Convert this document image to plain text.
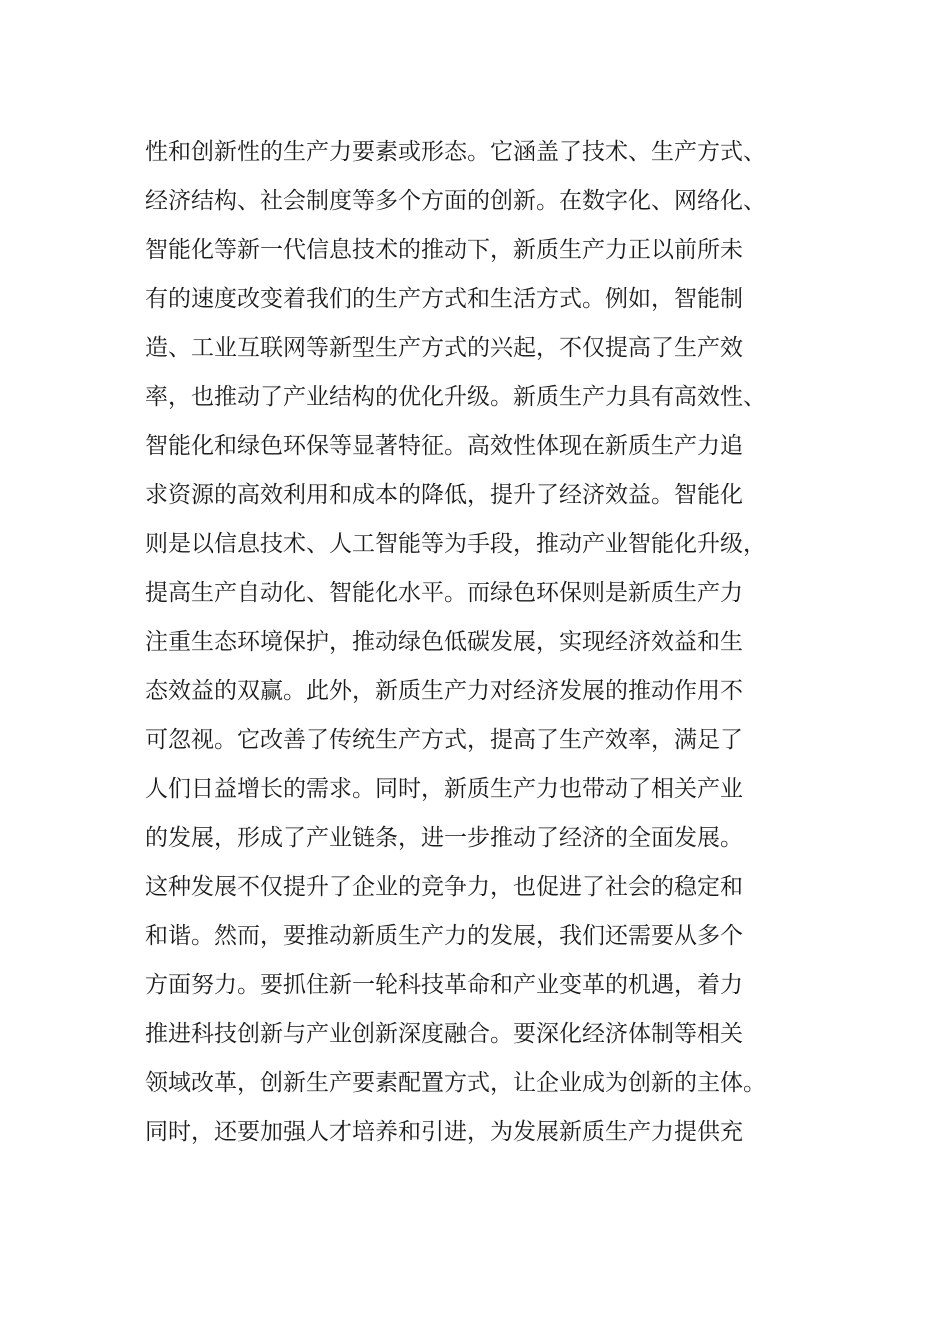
性和创新性的生产力要素或形态。它涵盖了技术、生产方式、
经济结构、社会制度等多个方面的创新。在数字化、网络化、
智能化等新一代信息技术的推动下，新质生产力正以前所未
有的速度改变着我们的生产方式和生活方式。例如，智能制
造、工业互联网等新型生产方式的兴起，不仅提高了生产效
率，也推动了产业结构的优化升级。新质生产力具有高效性、
智能化和绿色环保等显著特征。高效性体现在新质生产力追
求资源的高效利用和成本的降低，提升了经济效益。智能化
则是以信息技术、人工智能等为手段，推动产业智能化升级，
提高生产自动化、智能化水平。而绿色环保则是新质生产力
注重生态环境保护，推动绿色低碳发展，实现经济效益和生
态效益的双赢。此外，新质生产力对经济发展的推动作用不
可忽视。它改善了传统生产方式，提高了生产效率，满足了
人们日益增长的需求。同时，新质生产力也带动了相关产业
的发展，形成了产业链条，进一步推动了经济的全面发展。
这种发展不仅提升了企业的竞争力，也促进了社会的稳定和
和谐。然而，要推动新质生产力的发展，我们还需要从多个
方面努力。要抓住新一轮科技革命和产业变革的机遇，着力
推进科技创新与产业创新深度融合。要深化经济体制等相关
领域改革，创新生产要素配置方式，让企业成为创新的主体。
同时，还要加强人才培养和引进，为发展新质生产力提供充
